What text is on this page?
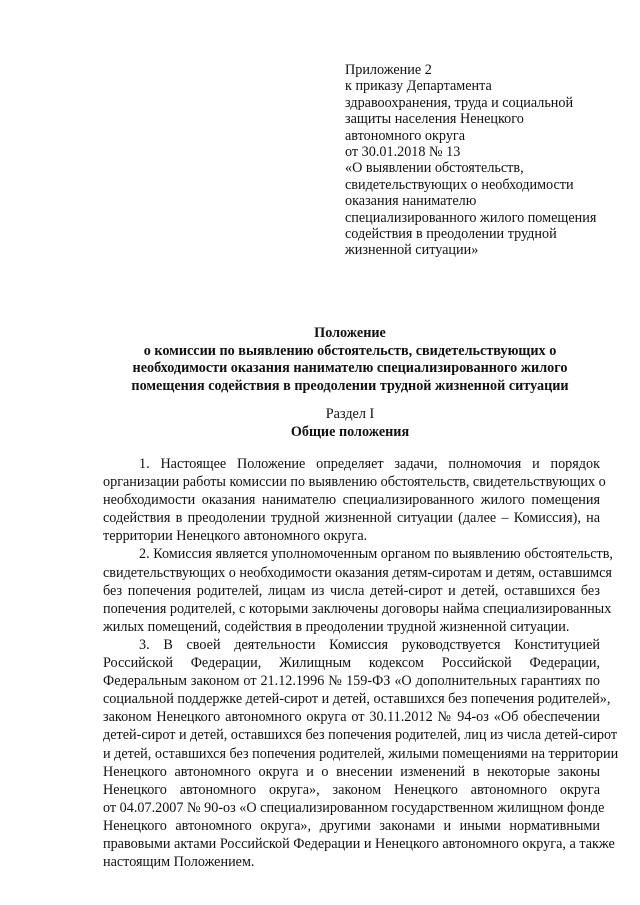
Приложение 2
к приказу Департамента
здравоохранения, труда и социальной
защиты населения Ненецкого
автономного округа
от 30.01.2018 № 13
«О выявлении обстоятельств,
свидетельствующих о необходимости
оказания нанимателю
специализированного жилого помещения
содействия в преодолении трудной
жизненной ситуации»
Положение
о комиссии по выявлению обстоятельств, свидетельствующих о
необходимости оказания нанимателю специализированного жилого
помещения содействия в преодолении трудной жизненной ситуации
Раздел I
Общие положения
1. Настоящее Положение определяет задачи, полномочия и порядок
организации работы комиссии по выявлению обстоятельств, свидетельствующих о
необходимости оказания нанимателю специализированного жилого помещения
содействия в преодолении трудной жизненной ситуации (далее – Комиссия), на
территории Ненецкого автономного округа.
2. Комиссия является уполномоченным органом по выявлению обстоятельств,
свидетельствующих о необходимости оказания детям-сиротам и детям, оставшимся
без попечения родителей, лицам из числа детей-сирот и детей, оставшихся без
попечения родителей, с которыми заключены договоры найма специализированных
жилых помещений, содействия в преодолении трудной жизненной ситуации.
3. В своей деятельности Комиссия руководствуется Конституцией
Российской Федерации, Жилищным кодексом Российской Федерации,
Федеральным законом от 21.12.1996 № 159-ФЗ «О дополнительных гарантиях по
социальной поддержке детей-сирот и детей, оставшихся без попечения родителей»,
законом Ненецкого автономного округа от 30.11.2012 № 94-оз «Об обеспечении
детей-сирот и детей, оставшихся без попечения родителей, лиц из числа детей-сирот
и детей, оставшихся без попечения родителей, жилыми помещениями на территории
Ненецкого автономного округа и о внесении изменений в некоторые законы
Ненецкого автономного округа», законом Ненецкого автономного округа
от 04.07.2007 № 90-оз «О специализированном государственном жилищном фонде
Ненецкого автономного округа», другими законами и иными нормативными
правовыми актами Российской Федерации и Ненецкого автономного округа, а также
настоящим Положением.
